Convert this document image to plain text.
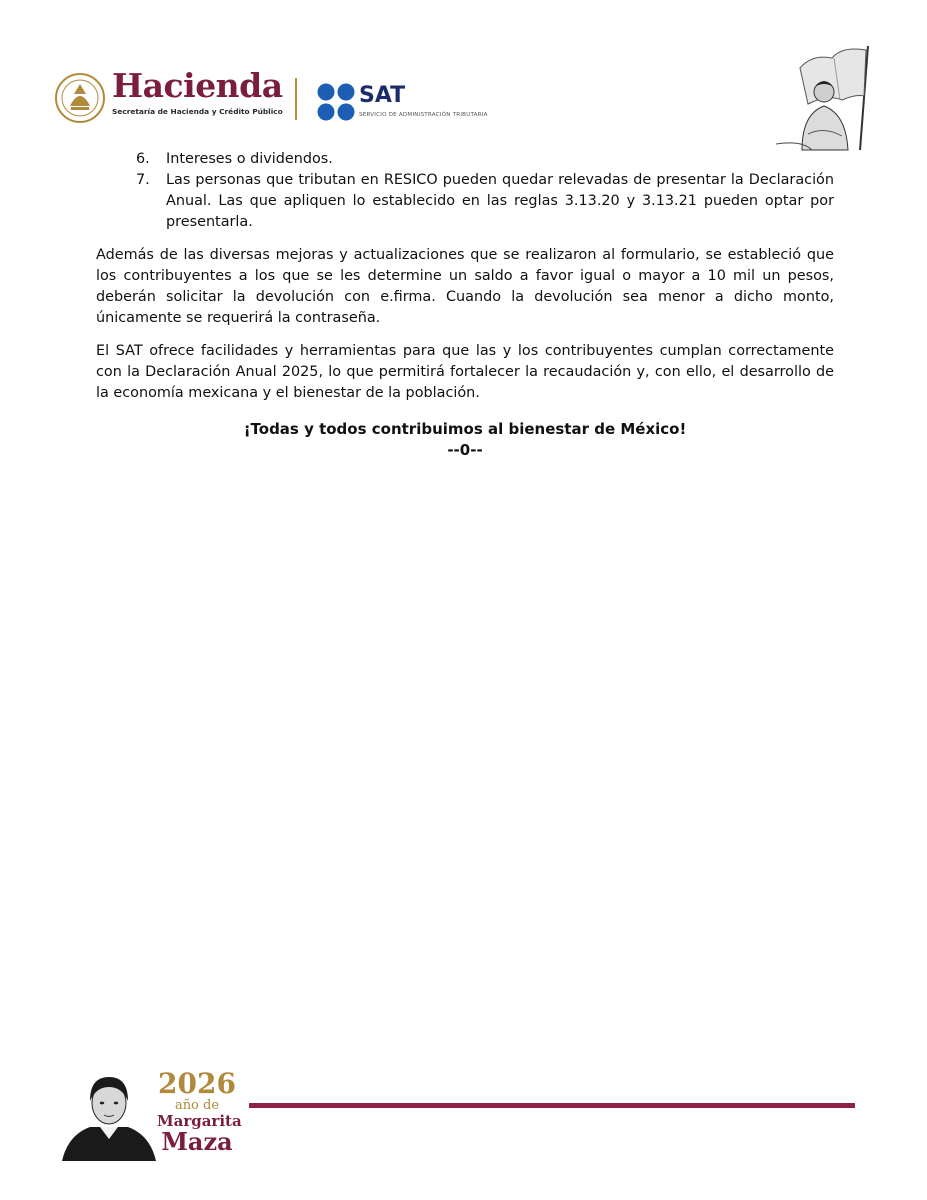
Hacienda
Secretaría de Hacienda y Crédito Público
SAT
SERVICIO DE ADMINISTRACIÓN TRIBUTARIA
6. Intereses o dividendos.
7. Las personas que tributan en RESICO pueden quedar relevadas de presentar la Declaración Anual. Las que apliquen lo establecido en las reglas 3.13.20 y 3.13.21 pueden optar por presentarla.

Además de las diversas mejoras y actualizaciones que se realizaron al formulario, se estableció que los contribuyentes a los que se les determine un saldo a favor igual o mayor a 10 mil un pesos, deberán solicitar la devolución con e.firma. Cuando la devolución sea menor a dicho monto, únicamente se requerirá la contraseña.

El SAT ofrece facilidades y herramientas para que las y los contribuyentes cumplan correctamente con la Declaración Anual 2025, lo que permitirá fortalecer la recaudación y, con ello, el desarrollo de la economía mexicana y el bienestar de la población.

¡Todas y todos contribuimos al bienestar de México!
--0--
2026
año de
Margarita
Maza
